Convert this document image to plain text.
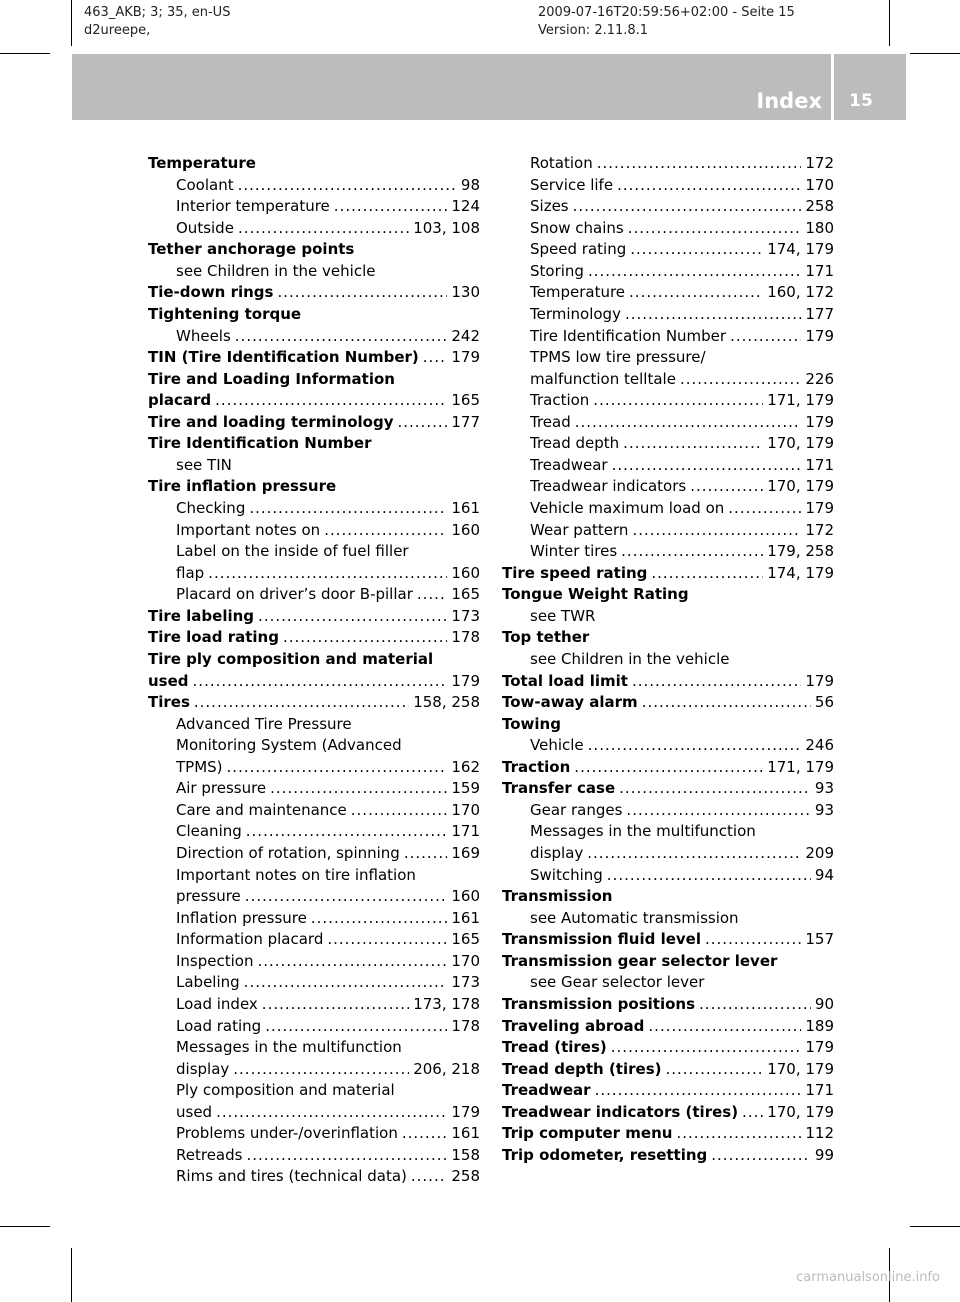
463_AKB; 3; 35, en-US
d2ureepe,
2009-07-16T20:59:56+02:00 - Seite 15
Version: 2.11.8.1
Index	15
Temperature
Coolant .....	98
Interior temperature .....	124
Outside .....	103, 108
Tether anchorage points
see Children in the vehicle
Tie-down rings .....	130
Tightening torque
Wheels .....	242
TIN (Tire Identification Number) ..... 179
Tire and Loading Information
placard .....	165
Tire and loading terminology .....	177
Tire Identification Number
see TIN
Tire inflation pressure
Checking .....	161
Important notes on .....	160
Label on the inside of fuel filler
flap .....	160
Placard on driver’s door B-pillar .....	165
Tire labeling .....	173
Tire load rating .....	178
Tire ply composition and material
used .....	179
Tires .....	158, 258
Advanced Tire Pressure
Monitoring System (Advanced
TPMS) .....	162
Air pressure .....	159
Care and maintenance .....	170
Cleaning .....	171
Direction of rotation, spinning .....	169
Important notes on tire inflation
pressure .....	160
Inflation pressure .....	161
Information placard .....	165
Inspection .....	170
Labeling .....	173
Load index .....	173, 178
Load rating .....	178
Messages in the multifunction
display .....	206, 218
Ply composition and material
used .....	179
Problems under-/overinflation .....	161
Retreads .....	158
Rims and tires (technical data) .....	258
Rotation .....	172
Service life .....	170
Sizes .....	258
Snow chains .....	180
Speed rating .....	174, 179
Storing .....	171
Temperature .....	160, 172
Terminology .....	177
Tire Identification Number .....	179
TPMS low tire pressure/
malfunction telltale .....	226
Traction .....	171, 179
Tread .....	179
Tread depth .....	170, 179
Treadwear .....	171
Treadwear indicators .....	170, 179
Vehicle maximum load on .....	179
Wear pattern .....	172
Winter tires .....	179, 258
Tire speed rating .....	174, 179
Tongue Weight Rating
see TWR
Top tether
see Children in the vehicle
Total load limit .....	179
Tow-away alarm .....	56
Towing
Vehicle .....	246
Traction .....	171, 179
Transfer case .....	93
Gear ranges .....	93
Messages in the multifunction
display .....	209
Switching .....	94
Transmission
see Automatic transmission
Transmission fluid level .....	157
Transmission gear selector lever
see Gear selector lever
Transmission positions .....	90
Traveling abroad .....	189
Tread (tires) .....	179
Tread depth (tires) .....	170, 179
Treadwear .....	171
Treadwear indicators (tires) ..... 170, 179
Trip computer menu .....	112
Trip odometer, resetting .....	99
carmanualsonline.info
